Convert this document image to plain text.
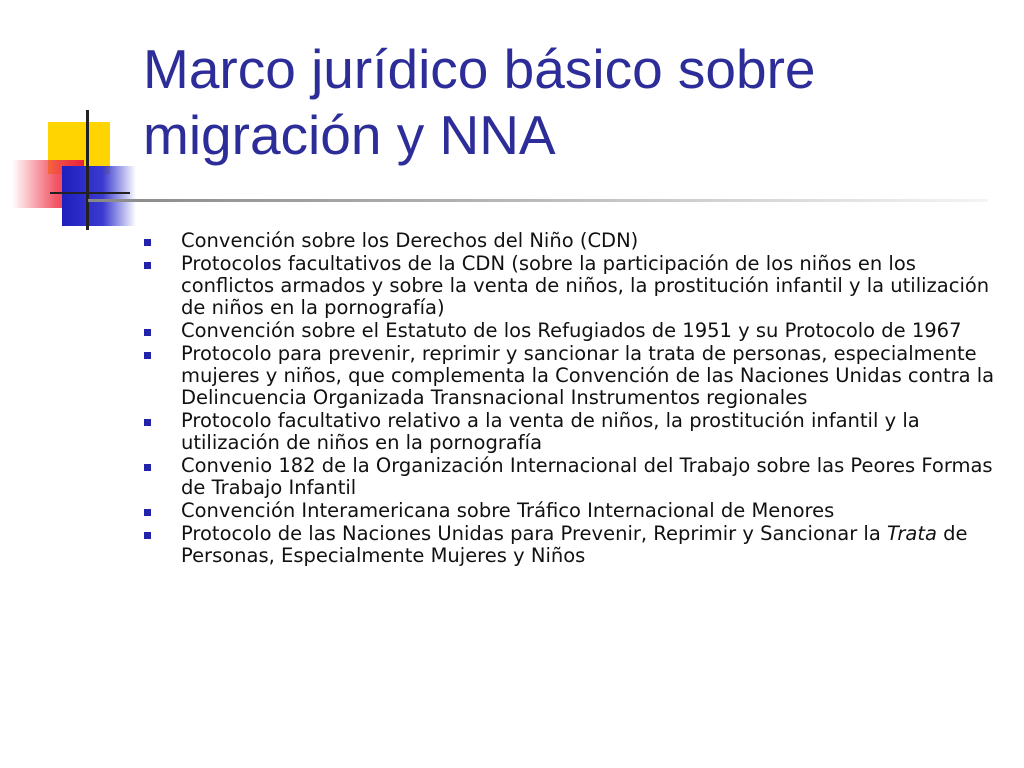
Marco jurídico básico sobre migración y NNA
Convención sobre los Derechos del Niño (CDN)
Protocolos facultativos de la CDN (sobre la participación de los niños en los conflictos armados y sobre la venta de niños, la prostitución infantil y la utilización de niños en la pornografía)
Convención sobre el Estatuto de los Refugiados de 1951 y su Protocolo de 1967
Protocolo para prevenir, reprimir y sancionar la trata de personas, especialmente mujeres y niños, que complementa la Convención de las Naciones Unidas contra la Delincuencia Organizada Transnacional Instrumentos regionales
Protocolo facultativo relativo a la venta de niños, la prostitución infantil y la utilización de niños en la pornografía
Convenio 182 de la Organización Internacional del Trabajo sobre las Peores Formas de Trabajo Infantil
Convención Interamericana sobre Tráfico Internacional de Menores
Protocolo de las Naciones Unidas para Prevenir, Reprimir y Sancionar la Trata de Personas, Especialmente Mujeres y Niños
